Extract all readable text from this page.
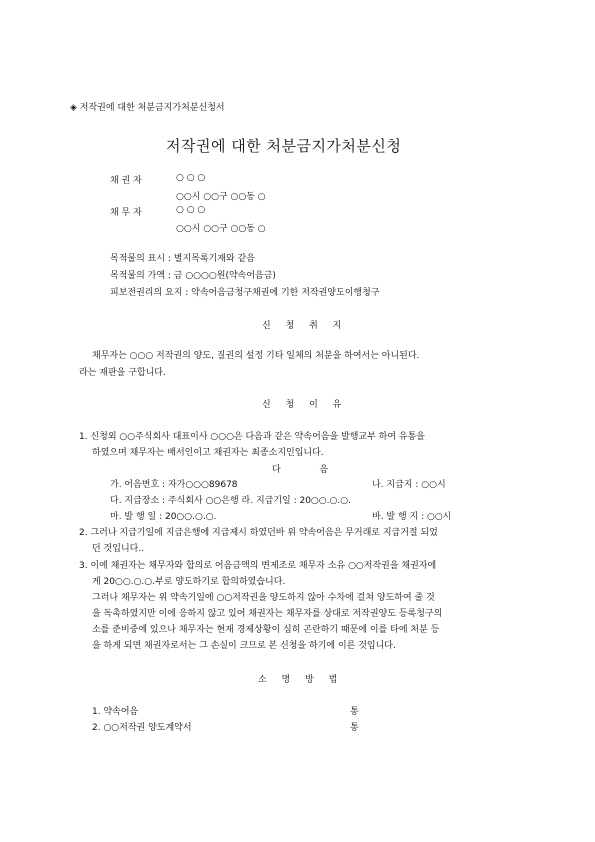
◈ 저작권에 대한 처분금지가처분신청서
저작권에 대한 처분금지가처분신청
채 권 자	○ ○ ○
○○시 ○○구 ○○동 ○
채 무 자	○ ○ ○
○○시 ○○구 ○○동 ○
목적물의 표시 : 별지목록기재와 같음
목적물의 가액 : 금 ○○○○원(약속어음금)
피보전권리의 요지 : 약속어음금청구채권에 기한 저작권양도이행청구
신 청 취 지
채무자는 ○○○ 저작권의 양도, 질권의 설정 기타 일체의 처분을 하여서는 아니된다.
라는 재판을 구합니다.
신 청 이 유
1. 신청외 ○○주식회사 대표이사 ○○○은 다음과 같은 약속어음을 발행교부 하여 유통을
하였으며 채무자는 배서인이고 채권자는 최종소지인입니다.
다 음
가. 어음번호 : 자가○○○89678	나. 지급지 : ○○시
다. 지급장소 : 주식회사 ○○은행 라. 지급기일 : 20○○.○.○.
마. 발 행 일 : 20○○.○.○.	바. 발 행 지 : ○○시
2. 그러나 지급기일에 지급은행에 지급제시 하였던바 위 약속어음은 무거래로 지급거절 되었
던 것입니다..
3. 이에 채권자는 채무자와 합의로 어음금액의 변제조로 채무자 소유 ○○저작권을 채권자에
게 20○○.○.○.부로 양도하기로 합의하였습니다.
그러나 채무자는 위 약속기일에 ○○저작권을 양도하지 않아 수차에 걸쳐 양도하여 줄 것
을 독촉하였지만 이에 응하지 않고 있어 채권자는 채무자를 상대로 저작권양도 등록청구의
소를 준비중에 있으나 채무자는 현재 경제상황이 심히 곤란하기 때문에 이를 타에 처분 등
을 하게 되면 채권자로서는 그 손실이 크므로 본 신청을 하기에 이른 것입니다.
소 명 방 법
1. 약속어음	통
2. ○○저작권 양도계약서	통
